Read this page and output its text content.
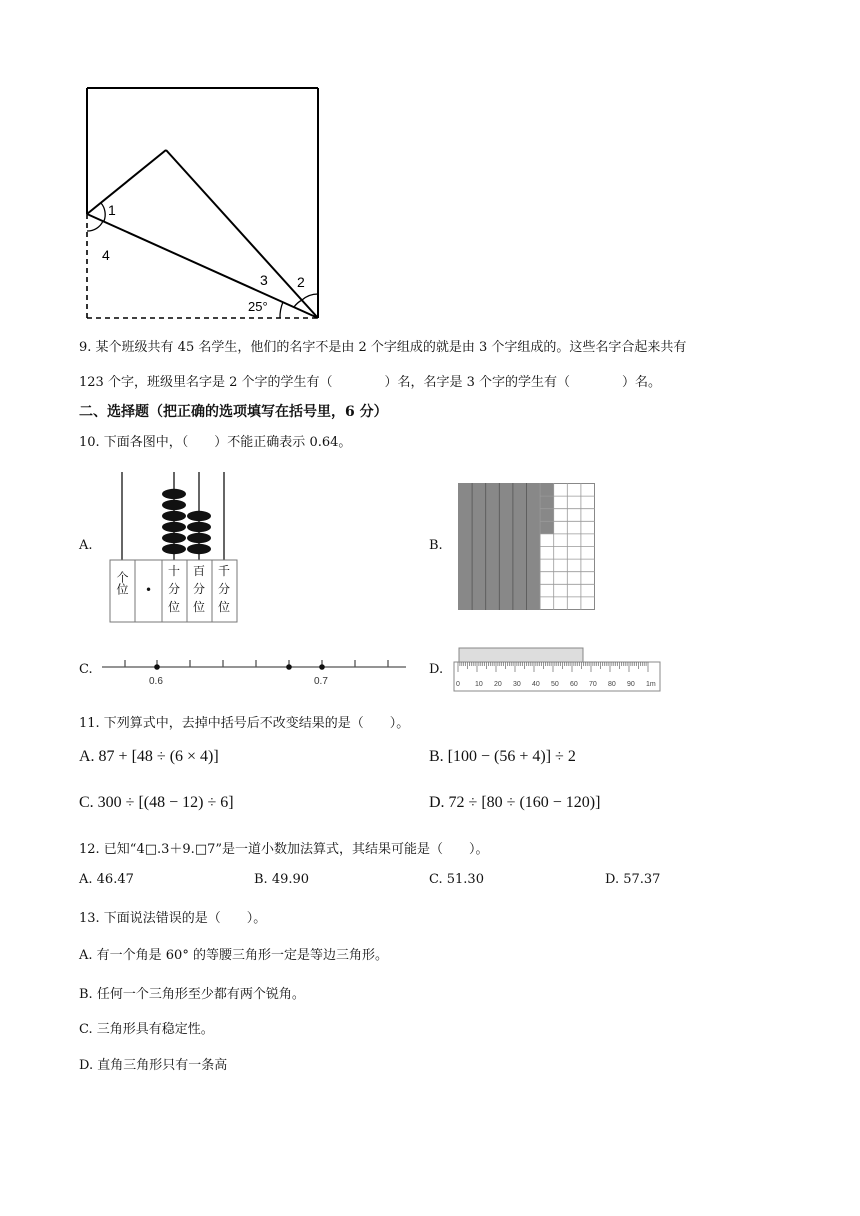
1
4
3 2
25°
9. 某个班级共有 45 名学生，他们的名字不是由 2 个字组成的就是由 3 个字组成的。这些名字合起来共有
123 个字，班级里名字是 2 个字的学生有（　　　　）名，名字是 3 个字的学生有（　　　　）名。
二、选择题（把正确的选项填写在括号里，6 分）
10. 下面各图中，（　　）不能正确表示 0.64。
A.
个位 •
十
分
位
百
分
位
千
分
位
B.
C.
0.6	0.7
D.
0 10 20 30 40 50 60 70 80 90 1m
11. 下列算式中，去掉中括号后不改变结果的是（　　）。
A. 87 + [48 ÷ (6 × 4)]	B. [100 − (56 + 4)] ÷ 2
C. 300 ÷ [(48 − 12) ÷ 6]	D. 72 ÷ [80 ÷ (160 − 120)]
12. 已知“4□.3＋9.□7”是一道小数加法算式，其结果可能是（　　）。
A. 46.47	B. 49.90	C. 51.30	D. 57.37
13. 下面说法错误的是（　　）。
A. 有一个角是 60° 的等腰三角形一定是等边三角形。
B. 任何一个三角形至少都有两个锐角。
C. 三角形具有稳定性。
D. 直角三角形只有一条高
